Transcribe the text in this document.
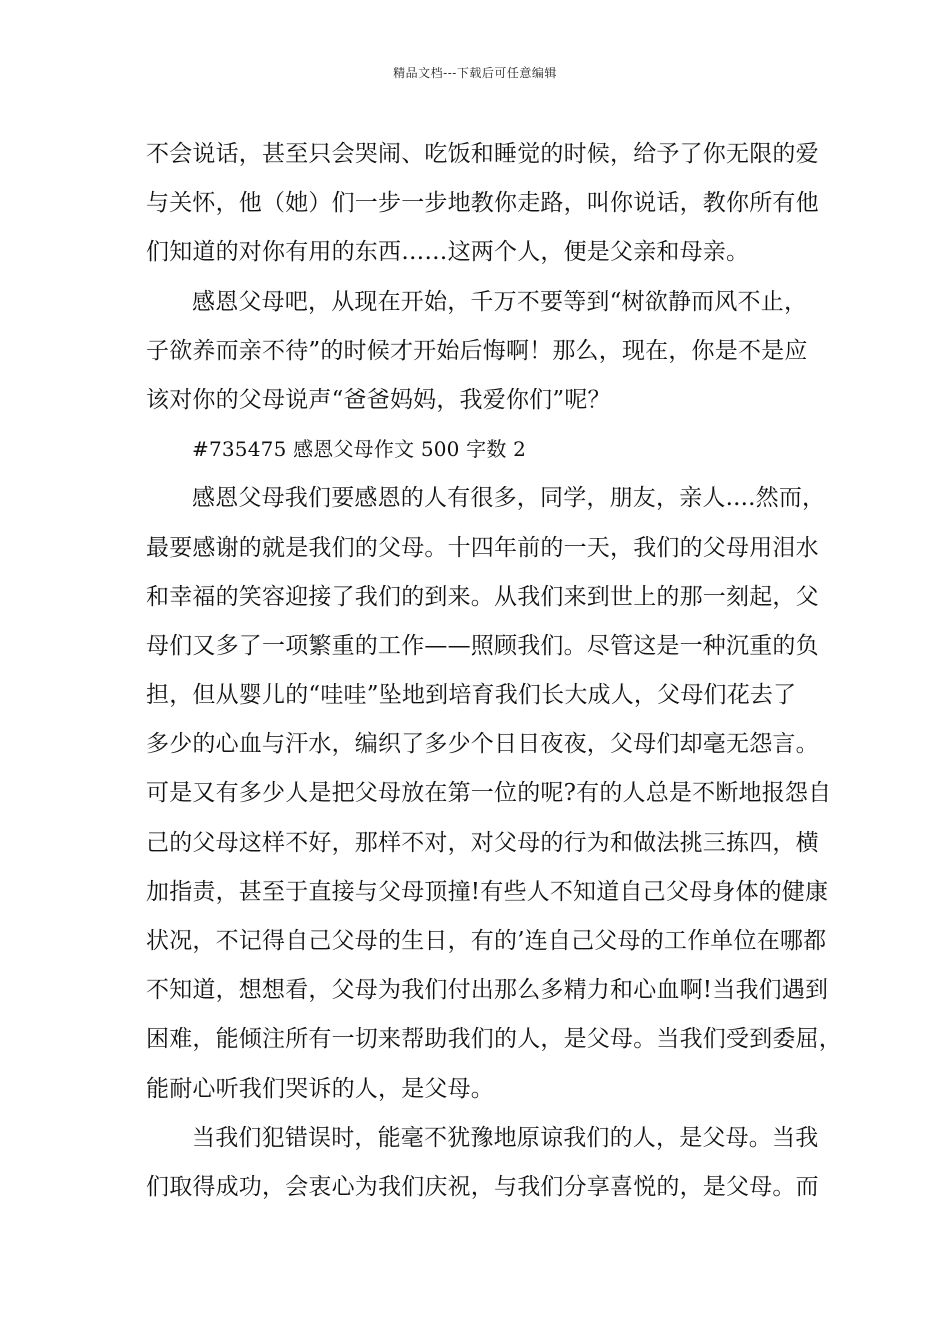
精品文档---下载后可任意编辑
不会说话，甚至只会哭闹、吃饭和睡觉的时候，给予了你无限的爱
与关怀，他（她）们一步一步地教你走路，叫你说话，教你所有他
们知道的对你有用的东西……这两个人，便是父亲和母亲。
感恩父母吧，从现在开始，千万不要等到“树欲静而风不止，
子欲养而亲不待”的时候才开始后悔啊！那么，现在，你是不是应
该对你的父母说声“爸爸妈妈，我爱你们”呢？
#735475 感恩父母作文 500 字数 2
感恩父母我们要感恩的人有很多，同学，朋友，亲人....然而，
最要感谢的就是我们的父母。十四年前的一天，我们的父母用泪水
和幸福的笑容迎接了我们的到来。从我们来到世上的那一刻起，父
母们又多了一项繁重的工作——照顾我们。尽管这是一种沉重的负
担，但从婴儿的“哇哇”坠地到培育我们长大成人，父母们花去了
多少的心血与汗水，编织了多少个日日夜夜，父母们却毫无怨言。
可是又有多少人是把父母放在第一位的呢?有的人总是不断地报怨自
己的父母这样不好，那样不对，对父母的行为和做法挑三拣四，横
加指责，甚至于直接与父母顶撞!有些人不知道自己父母身体的健康
状况，不记得自己父母的生日，有的’连自己父母的工作单位在哪都
不知道，想想看，父母为我们付出那么多精力和心血啊!当我们遇到
困难，能倾注所有一切来帮助我们的人，是父母。当我们受到委屈，
能耐心听我们哭诉的人，是父母。
当我们犯错误时，能毫不犹豫地原谅我们的人，是父母。当我
们取得成功，会衷心为我们庆祝，与我们分享喜悦的，是父母。而
